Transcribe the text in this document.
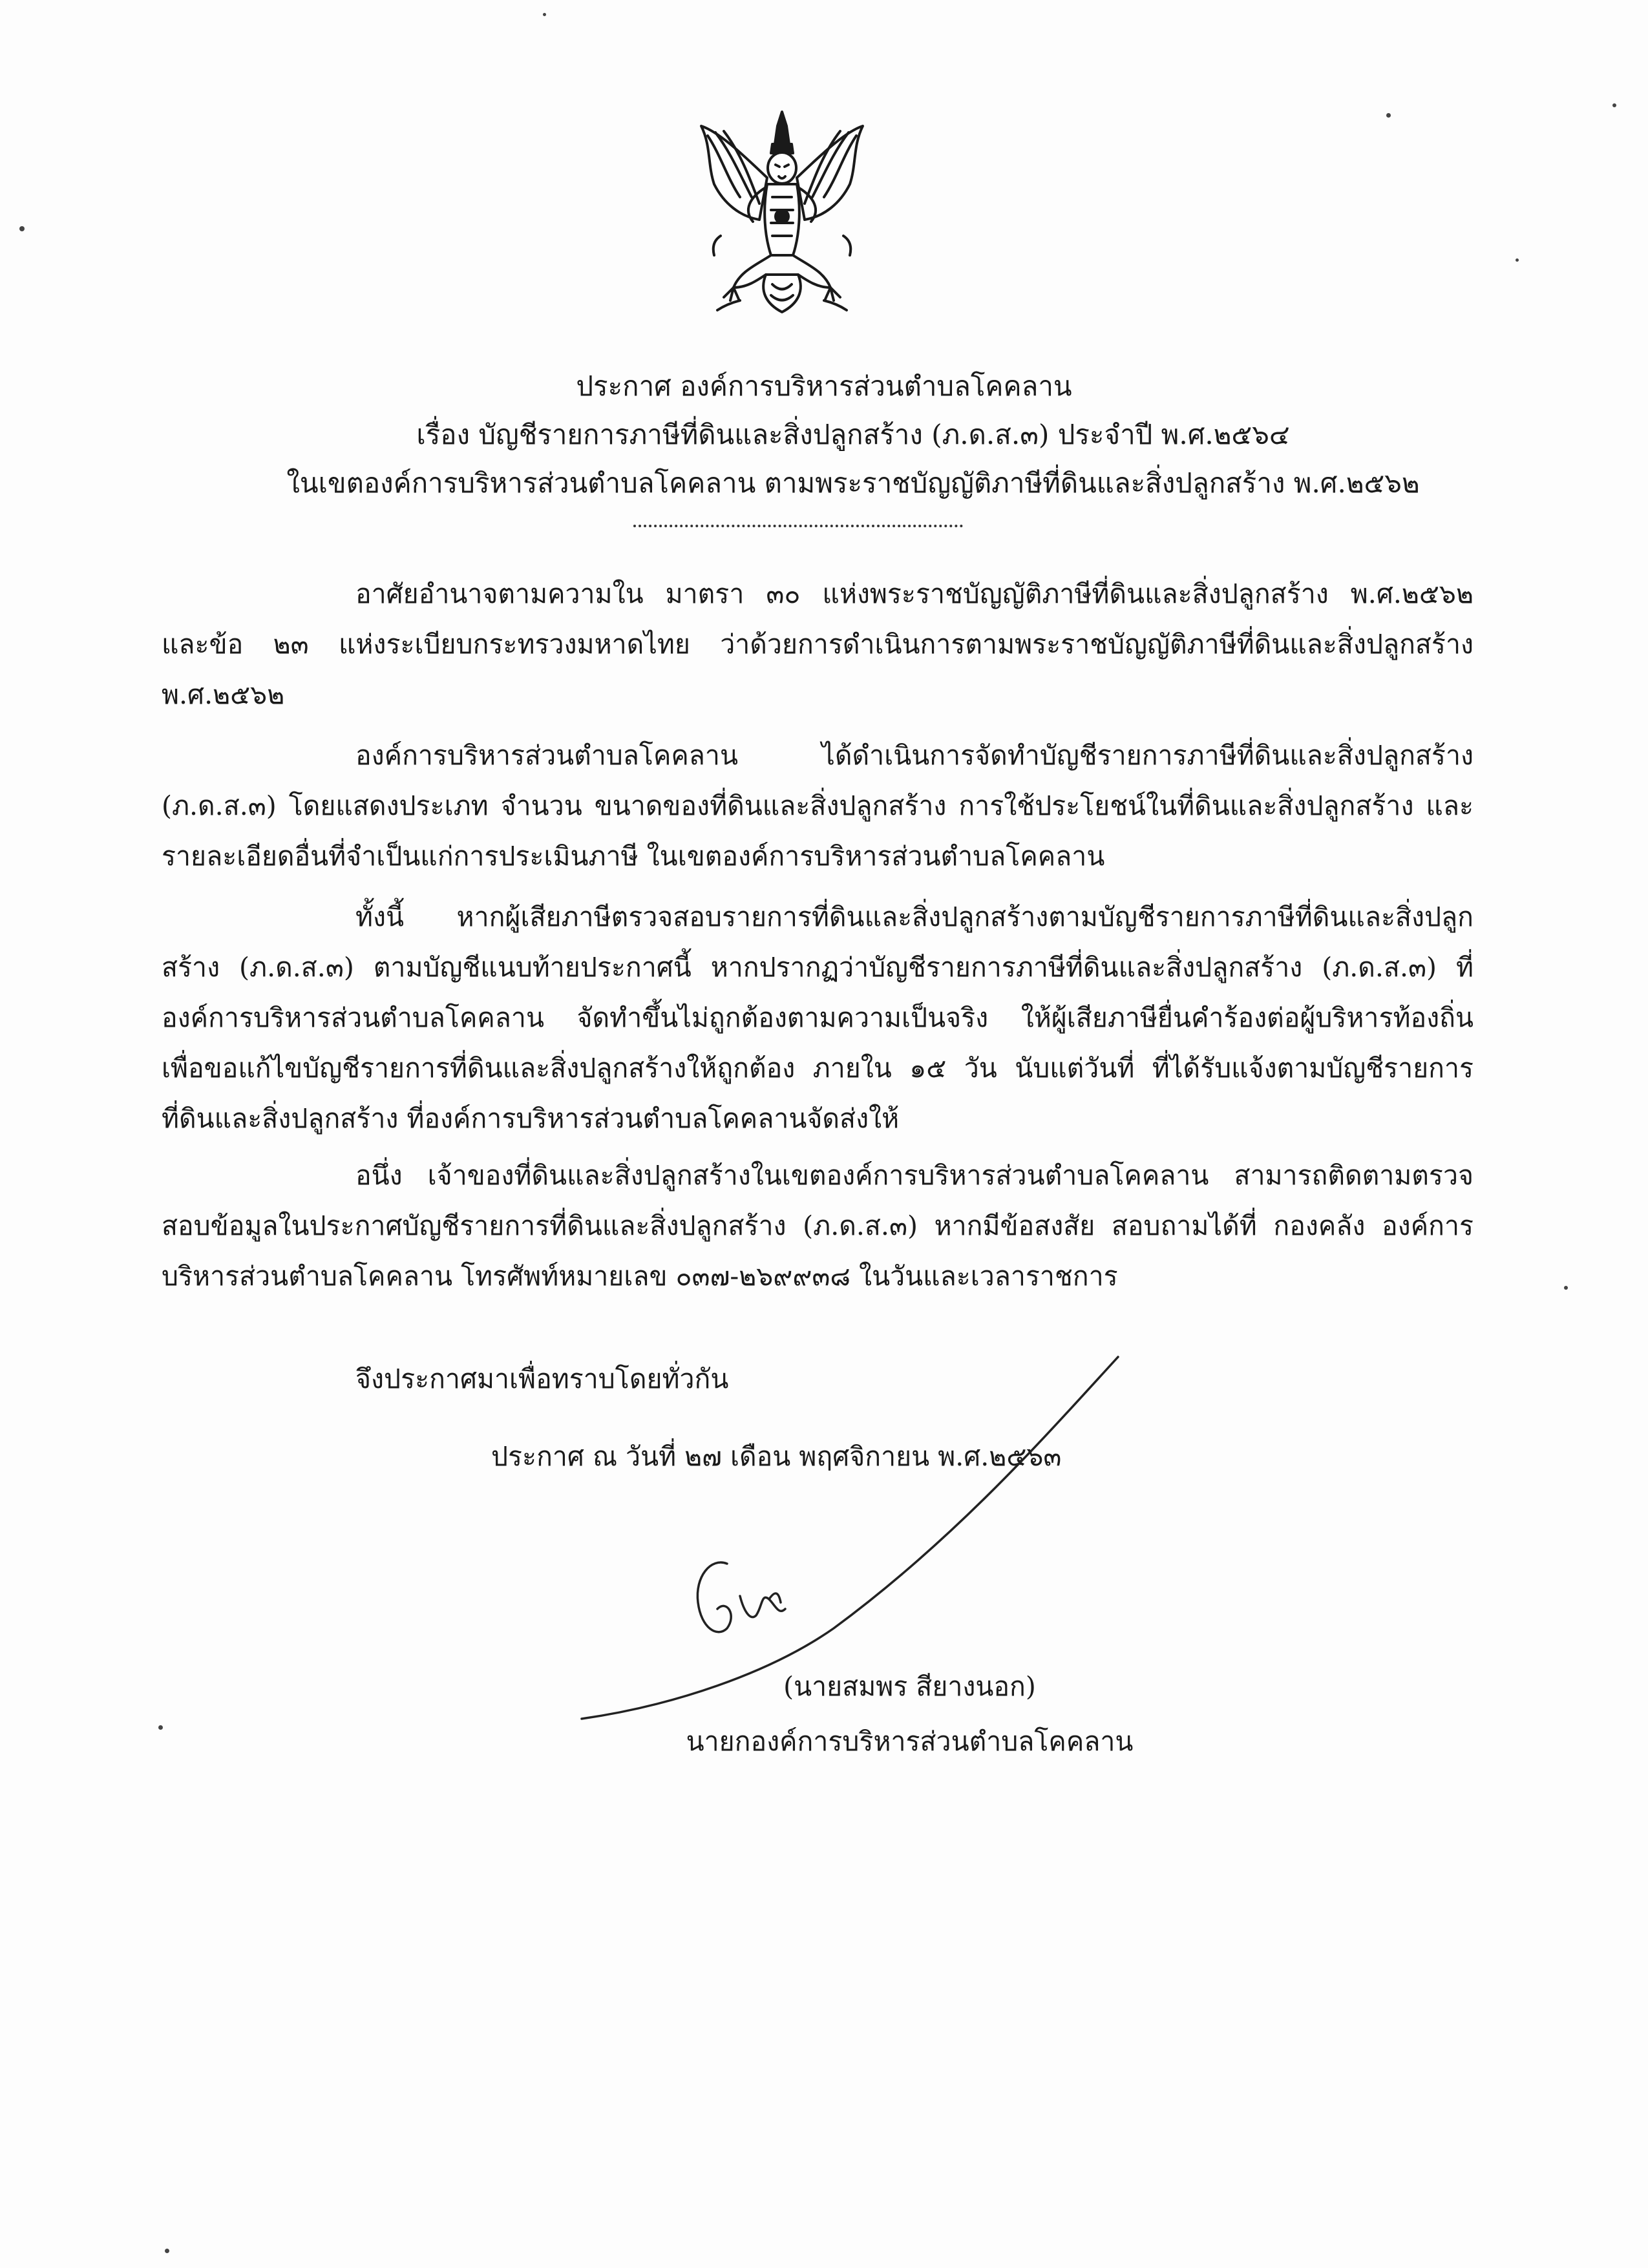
ประกาศ องค์การบริหารส่วนตำบลโคคลาน
เรื่อง บัญชีรายการภาษีที่ดินและสิ่งปลูกสร้าง (ภ.ด.ส.๓) ประจำปี พ.ศ.๒๕๖๔
ในเขตองค์การบริหารส่วนตำบลโคคลาน ตามพระราชบัญญัติภาษีที่ดินและสิ่งปลูกสร้าง พ.ศ.๒๕๖๒
อาศัยอำนาจตามความใน มาตรา ๓๐ แห่งพระราชบัญญัติภาษีที่ดินและสิ่งปลูกสร้าง พ.ศ.๒๕๖๒ และข้อ ๒๓ แห่งระเบียบกระทรวงมหาดไทย ว่าด้วยการดำเนินการตามพระราชบัญญัติภาษีที่ดินและสิ่งปลูกสร้าง พ.ศ.๒๕๖๒
องค์การบริหารส่วนตำบลโคคลาน ได้ดำเนินการจัดทำบัญชีรายการภาษีที่ดินและสิ่งปลูกสร้าง (ภ.ด.ส.๓) โดยแสดงประเภท จำนวน ขนาดของที่ดินและสิ่งปลูกสร้าง การใช้ประโยชน์ในที่ดินและสิ่งปลูกสร้าง และรายละเอียดอื่นที่จำเป็นแก่การประเมินภาษี ในเขตองค์การบริหารส่วนตำบลโคคลาน
ทั้งนี้ หากผู้เสียภาษีตรวจสอบรายการที่ดินและสิ่งปลูกสร้างตามบัญชีรายการภาษีที่ดินและสิ่งปลูกสร้าง (ภ.ด.ส.๓) ตามบัญชีแนบท้ายประกาศนี้ หากปรากฏว่าบัญชีรายการภาษีที่ดินและสิ่งปลูกสร้าง (ภ.ด.ส.๓) ที่องค์การบริหารส่วนตำบลโคคลาน จัดทำขึ้นไม่ถูกต้องตามความเป็นจริง ให้ผู้เสียภาษียื่นคำร้องต่อผู้บริหารท้องถิ่น เพื่อขอแก้ไขบัญชีรายการที่ดินและสิ่งปลูกสร้างให้ถูกต้อง ภายใน ๑๕ วัน นับแต่วันที่ ที่ได้รับแจ้งตามบัญชีรายการที่ดินและสิ่งปลูกสร้าง ที่องค์การบริหารส่วนตำบลโคคลานจัดส่งให้
อนึ่ง เจ้าของที่ดินและสิ่งปลูกสร้างในเขตองค์การบริหารส่วนตำบลโคคลาน สามารถติดตามตรวจสอบข้อมูลในประกาศบัญชีรายการที่ดินและสิ่งปลูกสร้าง (ภ.ด.ส.๓) หากมีข้อสงสัย สอบถามได้ที่ กองคลัง องค์การบริหารส่วนตำบลโคคลาน โทรศัพท์หมายเลข ๐๓๗-๒๖๙๙๓๘ ในวันและเวลาราชการ
จึงประกาศมาเพื่อทราบโดยทั่วกัน
ประกาศ ณ วันที่ ๒๗ เดือน พฤศจิกายน พ.ศ.๒๕๖๓
(นายสมพร สียางนอก)
นายกองค์การบริหารส่วนตำบลโคคลาน
